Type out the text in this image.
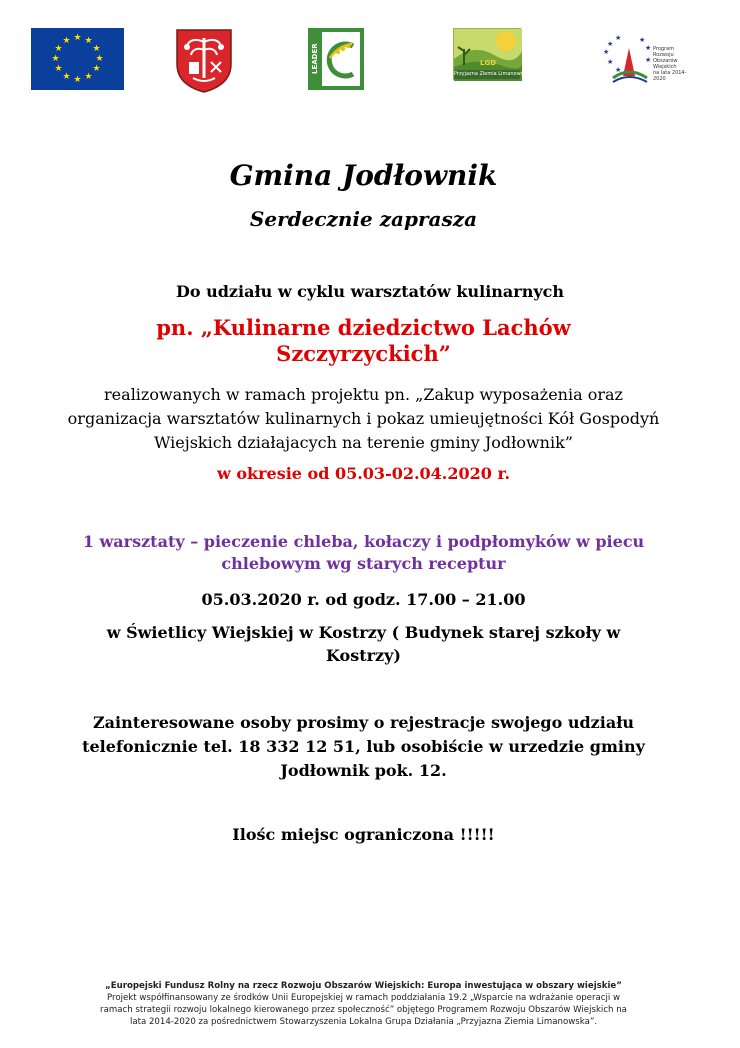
★ ★
★
★
★
★
★
★
★
★
★
★
LEADER	LGD
Przyjazna Ziemia Limanowska
★
★
★
★
★
★
★
★
Program
Rozwoju
Obszarów
Wiejskich
na lata 2014-2020
Gmina Jodłownik
Serdecznie zaprasza
Do udziału w cyklu warsztatów kulinarnych
pn. „Kulinarne dziedzictwo Lachów
Szczyrzyckich”
realizowanych w ramach projektu pn. „Zakup wyposażenia oraz
organizacja warsztatów kulinarnych i pokaz umieujętności Kół Gospodyń
Wiejskich działajacych na terenie gminy Jodłownik”
w okresie od 05.03-02.04.2020 r.
1 warsztaty – pieczenie chleba, kołaczy i podpłomyków w piecu
chlebowym wg starych receptur
05.03.2020 r. od godz. 17.00 – 21.00
w Świetlicy Wiejskiej w Kostrzy ( Budynek starej szkoły w
Kostrzy)
Zainteresowane osoby prosimy o rejestracje swojego udziału
telefonicznie tel. 18 332 12 51, lub osobiście w urzedzie gminy
Jodłownik pok. 12.
Ilośc miejsc ograniczona !!!!!
„Europejski Fundusz Rolny na rzecz Rozwoju Obszarów Wiejskich: Europa inwestująca w obszary wiejskie”
Projekt współfinansowany ze środków Unii Europejskiej w ramach poddziałania 19.2 „Wsparcie na wdrażanie operacji w
ramach strategii rozwoju lokalnego kierowanego przez społeczność” objętego Programem Rozwoju Obszarów Wiejskich na
lata 2014-2020 za pośrednictwem Stowarzyszenia Lokalna Grupa Działania „Przyjazna Ziemia Limanowska”.
